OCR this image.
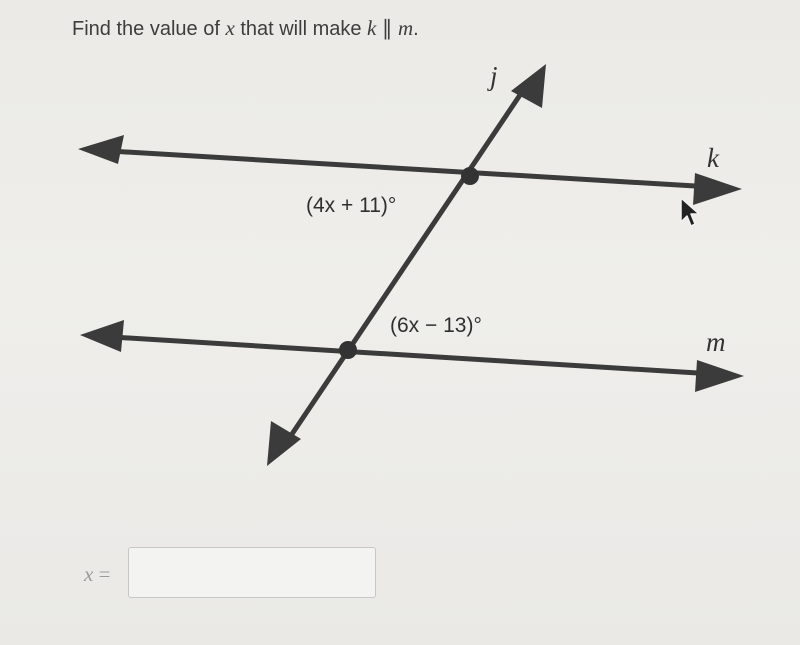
Find the value of x that will make k ∥ m.
j
k
m
(4x + 11)°
(6x − 13)°
x =
